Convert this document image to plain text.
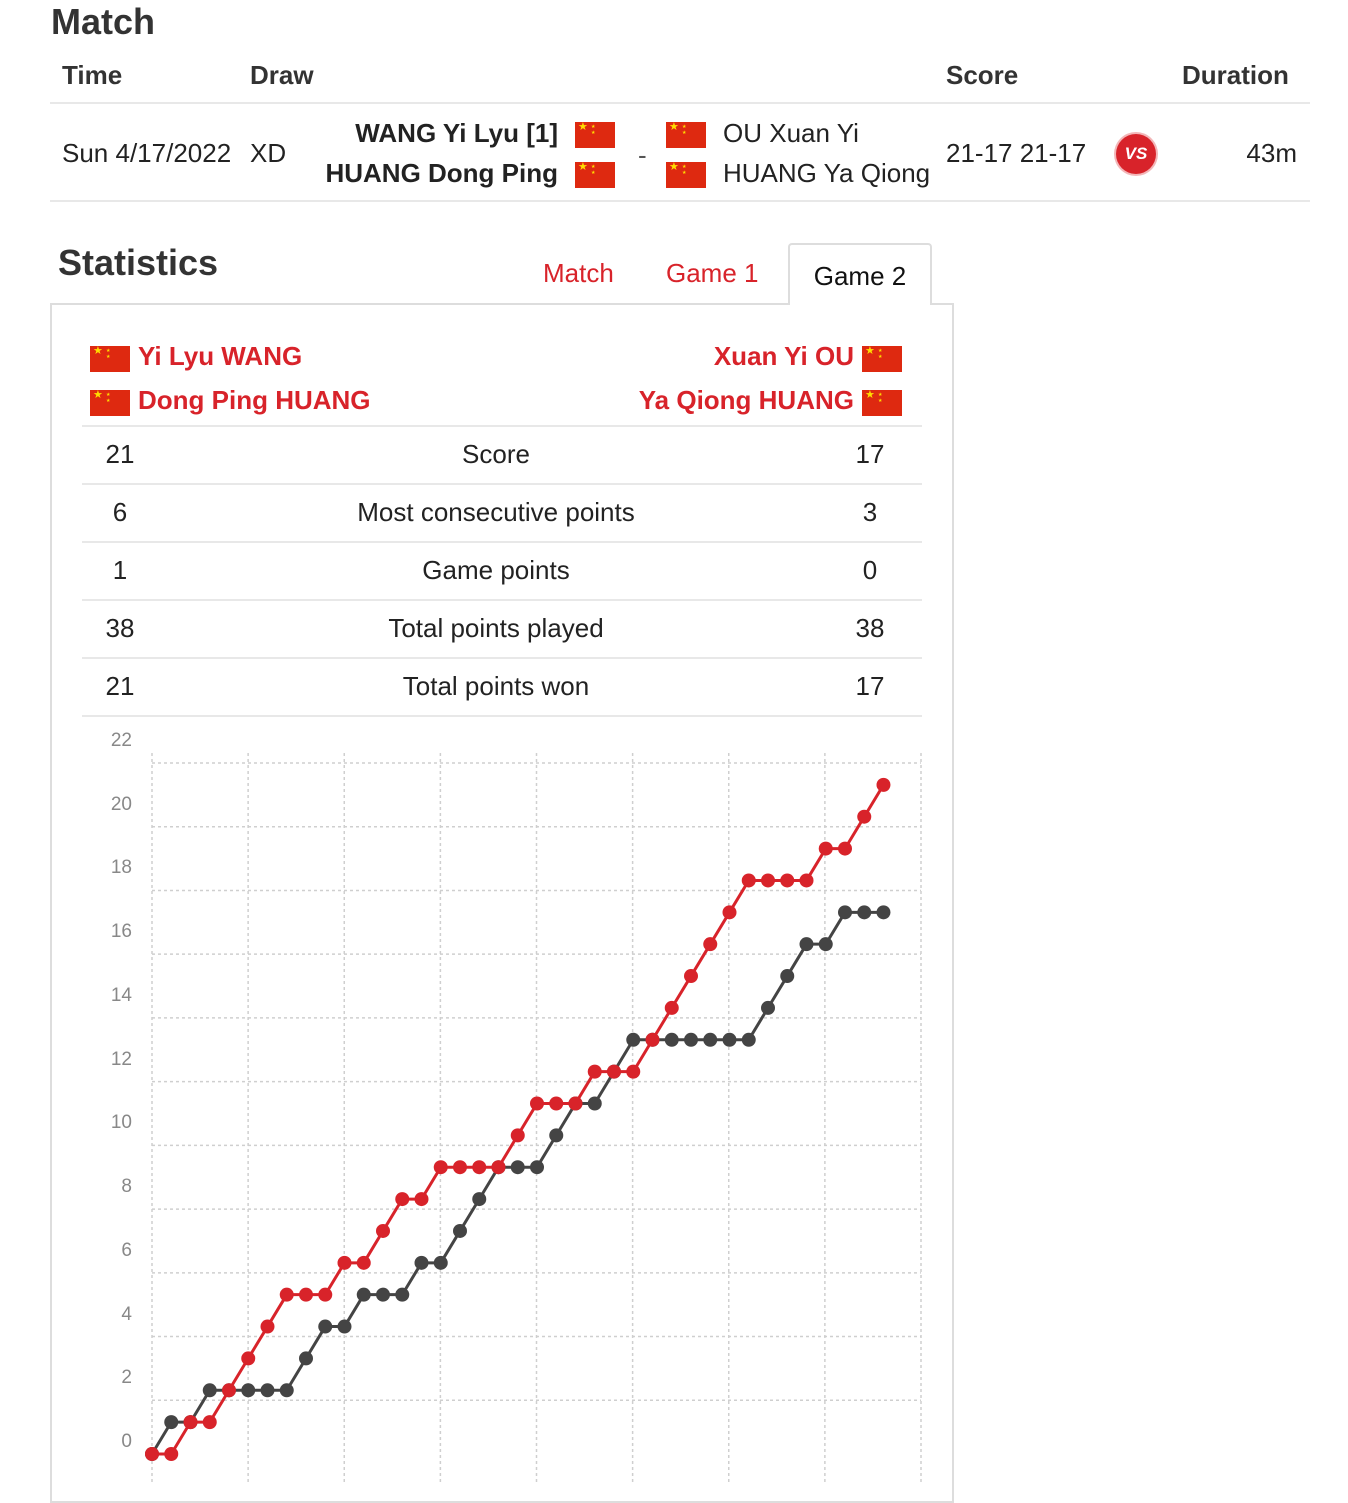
Match
Time	Draw	Score	Duration
Sun 4/17/2022 XD
WANG Yi Lyu [1]
★ ★ ★
HUANG Dong Ping
★ ★ ★
-
★ ★ ★
OU Xuan Yi
★ ★ ★
HUANG Ya Qiong
21-17 21-17	VS	43m
Statistics	Match Game 1	Game 2
★ ★ ★
Yi Lyu WANG
★ ★ ★
Dong Ping HUANG
Xuan Yi OU
★ ★ ★
Ya Qiong HUANG
★ ★ ★
21	Score	17
6	Most consecutive points	3
1	Game points	0
38	Total points played	38
21	Total points won	17
0
2
4
6
8
10
12
14
16
18
20
22
